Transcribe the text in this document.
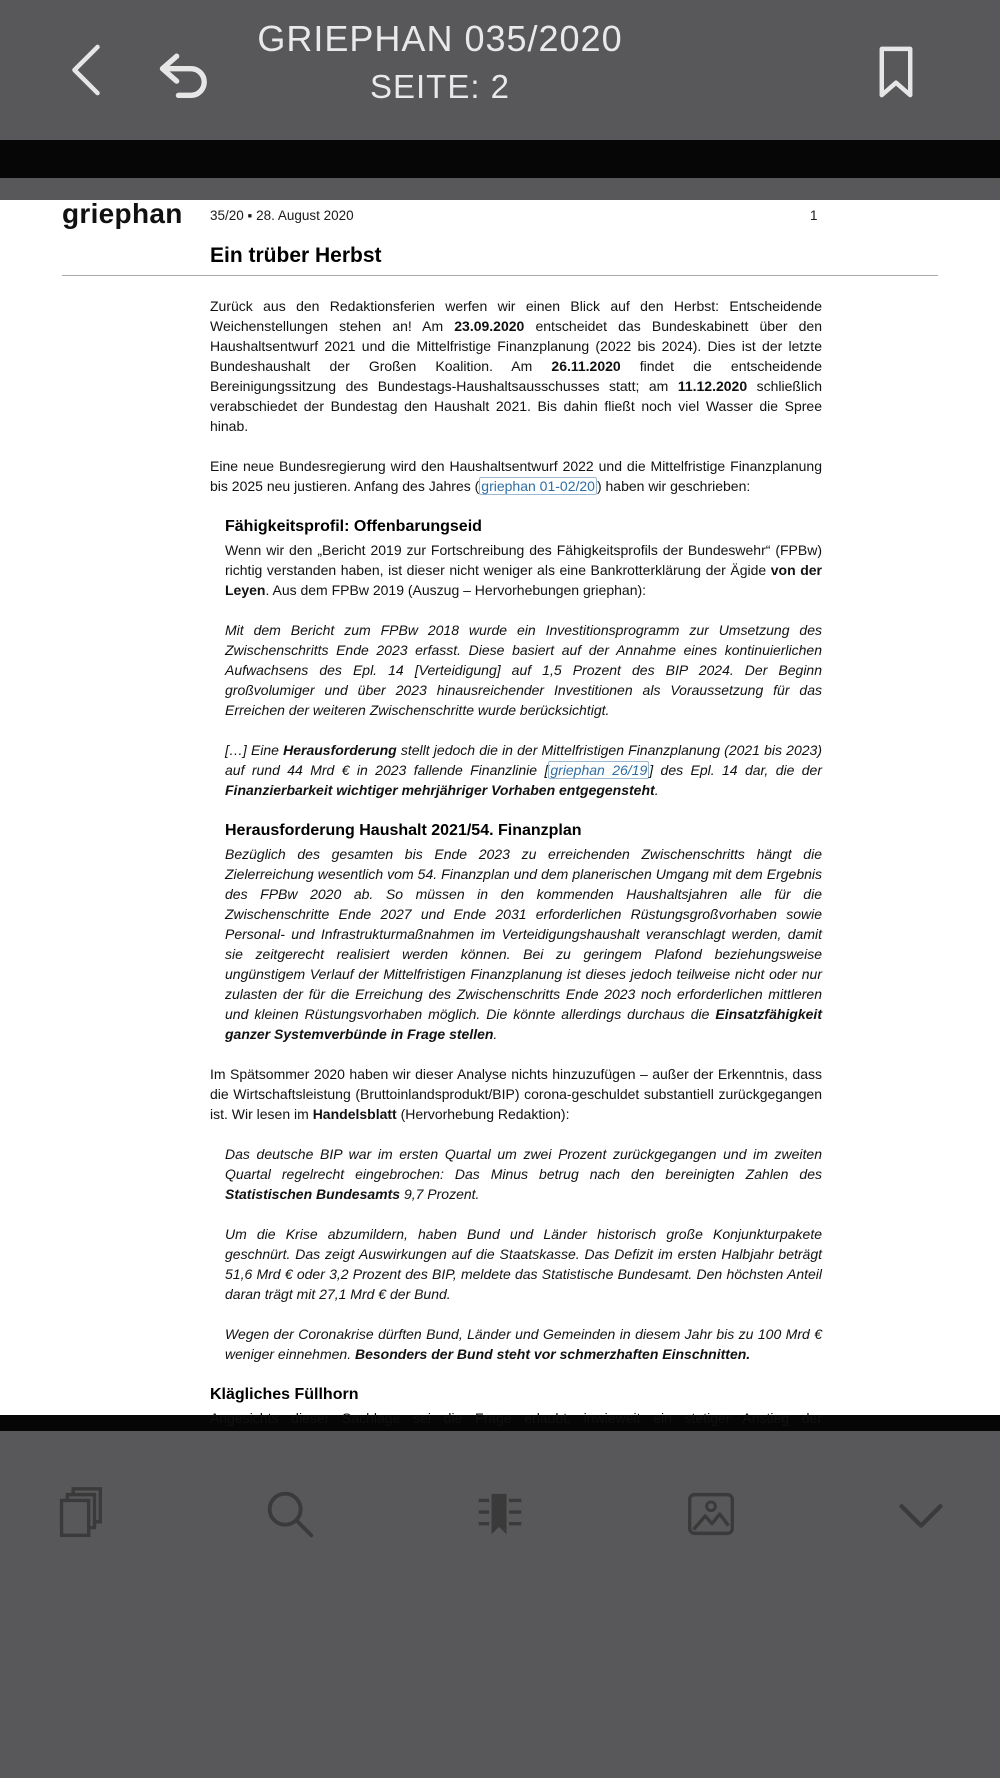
GRIEPHAN 035/2020
SEITE: 2
griephan 35/20 ▪ 28. August 2020	1
Ein trüber Herbst

Zurück aus den Redaktionsferien werfen wir einen Blick auf den Herbst: Entscheidende Weichenstellungen stehen an! Am 23.09.2020 entscheidet das Bundeskabinett über den Haushaltsentwurf 2021 und die Mittelfristige Finanzplanung (2022 bis 2024). Dies ist der letzte Bundeshaushalt der Großen Koalition. Am 26.11.2020 findet die entscheidende Bereinigungssitzung des Bundestags-Haushaltsausschusses statt; am 11.12.2020 schließlich verabschiedet der Bundestag den Haushalt 2021. Bis dahin fließt noch viel Wasser die Spree hinab.

Eine neue Bundesregierung wird den Haushaltsentwurf 2022 und die Mittelfristige Finanzplanung bis 2025 neu justieren. Anfang des Jahres ( griephan 01-02/20 ) haben wir geschrieben:

Fähigkeitsprofil: Offenbarungseid

Wenn wir den „Bericht 2019 zur Fortschreibung des Fähigkeitsprofils der Bundeswehr“ (FPBw) richtig verstanden haben, ist dieser nicht weniger als eine Bankrotterklärung der Ägide von der Leyen. Aus dem FPBw 2019 (Auszug – Hervorhebungen griephan):

Mit dem Bericht zum FPBw 2018 wurde ein Investitionsprogramm zur Umsetzung des Zwischenschritts Ende 2023 erfasst. Diese basiert auf der Annahme eines kontinuierlichen Aufwachsens des Epl. 14 [Verteidigung] auf 1,5 Prozent des BIP 2024. Der Beginn großvolumiger und über 2023 hinausreichender Investitionen als Voraussetzung für das Erreichen der weiteren Zwischenschritte wurde berücksichtigt.

[…] Eine Herausforderung stellt jedoch die in der Mittelfristigen Finanzplanung (2021 bis 2023) auf rund 44 Mrd € in 2023 fallende Finanzlinie [ griephan 26/19 ] des Epl. 14 dar, die der Finanzierbarkeit wichtiger mehrjähriger Vorhaben entgegensteht.

Herausforderung Haushalt 2021/54. Finanzplan

Bezüglich des gesamten bis Ende 2023 zu erreichenden Zwischenschritts hängt die Zielerreichung wesentlich vom 54. Finanzplan und dem planerischen Umgang mit dem Ergebnis des FPBw 2020 ab. So müssen in den kommenden Haushaltsjahren alle für die Zwischenschritte Ende 2027 und Ende 2031 erforderlichen Rüstungsgroßvorhaben sowie Personal- und Infrastrukturmaßnahmen im Verteidigungshaushalt veranschlagt werden, damit sie zeitgerecht realisiert werden können. Bei zu geringem Plafond beziehungsweise ungünstigem Verlauf der Mittelfristigen Finanzplanung ist dieses jedoch teilweise nicht oder nur zulasten der für die Erreichung des Zwischenschritts Ende 2023 noch erforderlichen mittleren und kleinen Rüstungsvorhaben möglich. Die könnte allerdings durchaus die Einsatzfähigkeit ganzer Systemverbünde in Frage stellen.

Im Spätsommer 2020 haben wir dieser Analyse nichts hinzuzufügen – außer der Erkenntnis, dass die Wirtschaftsleistung (Bruttoinlandsprodukt/BIP) corona-geschuldet substantiell zurückgegangen ist. Wir lesen im Handelsblatt (Hervorhebung Redaktion):

Das deutsche BIP war im ersten Quartal um zwei Prozent zurückgegangen und im zweiten Quartal regelrecht eingebrochen: Das Minus betrug nach den bereinigten Zahlen des Statistischen Bundesamts 9,7 Prozent.

Um die Krise abzumildern, haben Bund und Länder historisch große Konjunkturpakete geschnürt. Das zeigt Auswirkungen auf die Staatskasse. Das Defizit im ersten Halbjahr beträgt 51,6 Mrd € oder 3,2 Prozent des BIP, meldete das Statistische Bundesamt. Den höchsten Anteil daran trägt mit 27,1 Mrd € der Bund.

Wegen der Coronakrise dürften Bund, Länder und Gemeinden in diesem Jahr bis zu 100 Mrd € weniger einnehmen. Besonders der Bund steht vor schmerzhaften Einschnitten.

Klägliches Füllhorn

Angesichts dieser Sachlage sei die Frage erlaubt, inwieweit ein stetiger Anstieg der
